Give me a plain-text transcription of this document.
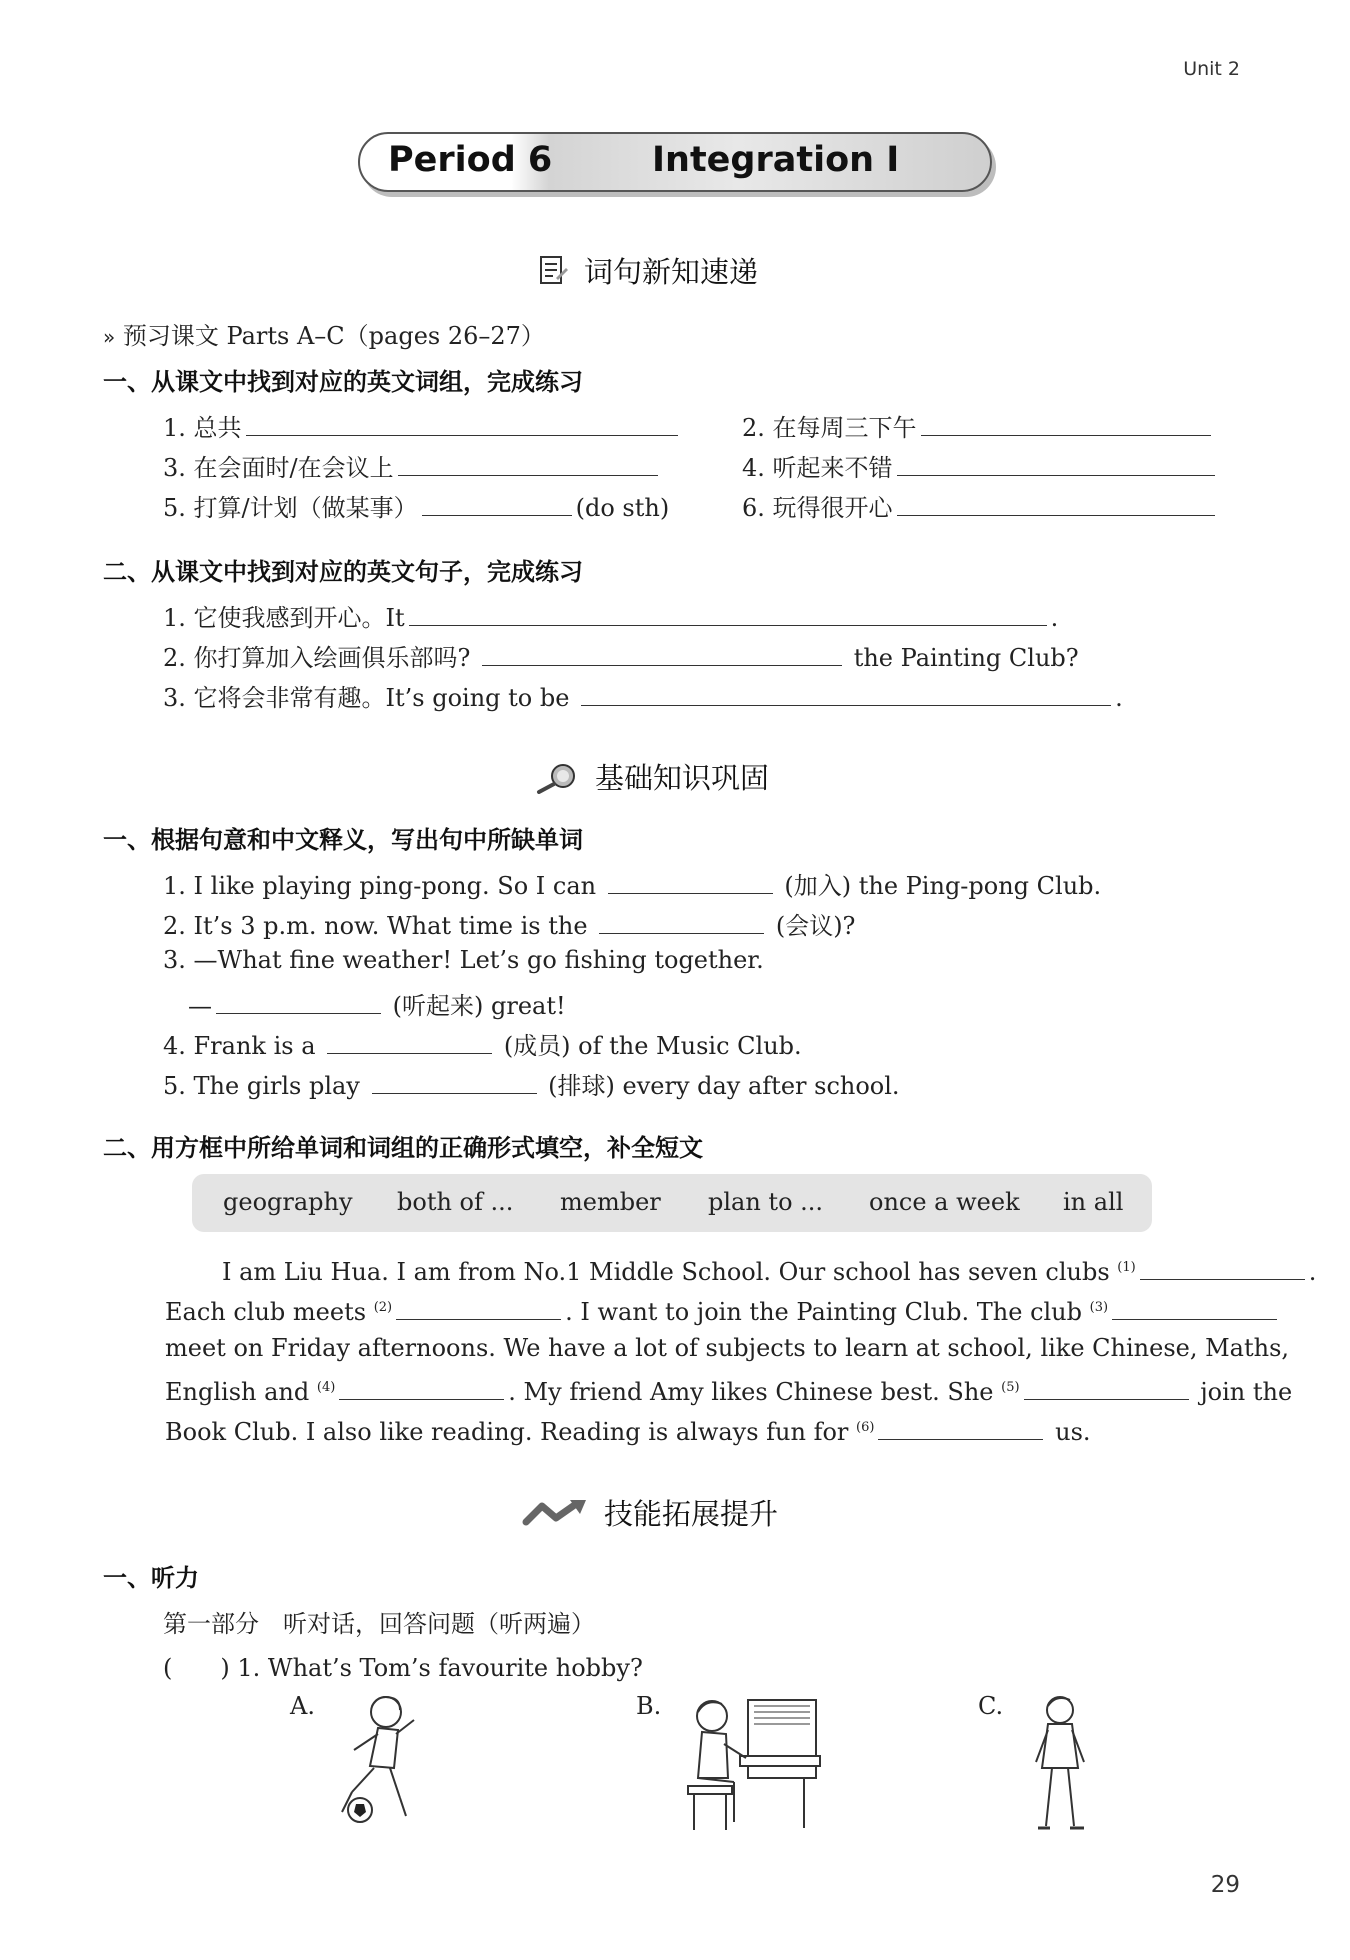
Unit 2
Period 6	Integration I
词句新知速递
» 预习课文 Parts A–C（pages 26–27）
一、从课文中找到对应的英文词组，完成练习
1. 总共	2. 在每周三下午
3. 在会面时/在会议上	4. 听起来不错
5. 打算/计划（做某事）	(do sth)	6. 玩得很开心
二、从课文中找到对应的英文句子，完成练习
1. 它使我感到开心。It	.
2. 你打算加入绘画俱乐部吗?	the Painting Club?
3. 它将会非常有趣。It’s going to be	.
基础知识巩固
一、根据句意和中文释义，写出句中所缺单词
1. I like playing ping-pong. So I can	(加入) the Ping-pong Club.
2. It’s 3 p.m. now. What time is the	(会议)?
3. —What fine weather! Let’s go fishing together.
—	(听起来) great!
4. Frank is a	(成员) of the Music Club.
5. The girls play	(排球) every day after school.
二、用方框中所给单词和词组的正确形式填空，补全短文
geography both of ... member plan to ... once a week in all
I am Liu Hua. I am from No.1 Middle School. Our school has seven clubs $^{(1)}$	.
Each club meets $^{(2)}$	. I want to join the Painting Club. The club $^{(3)}$
meet on Friday afternoons. We have a lot of subjects to learn at school, like Chinese, Maths,
English and $^{(4)}$	. My friend Amy likes Chinese best. She $^{(5)}$	join the
Book Club. I also like reading. Reading is always fun for $^{(6)}$	us.
技能拓展提升
一、听力
第一部分　听对话，回答问题（听两遍）
(　　) 1. What’s Tom’s favourite hobby?
A.	B.	C.
29
